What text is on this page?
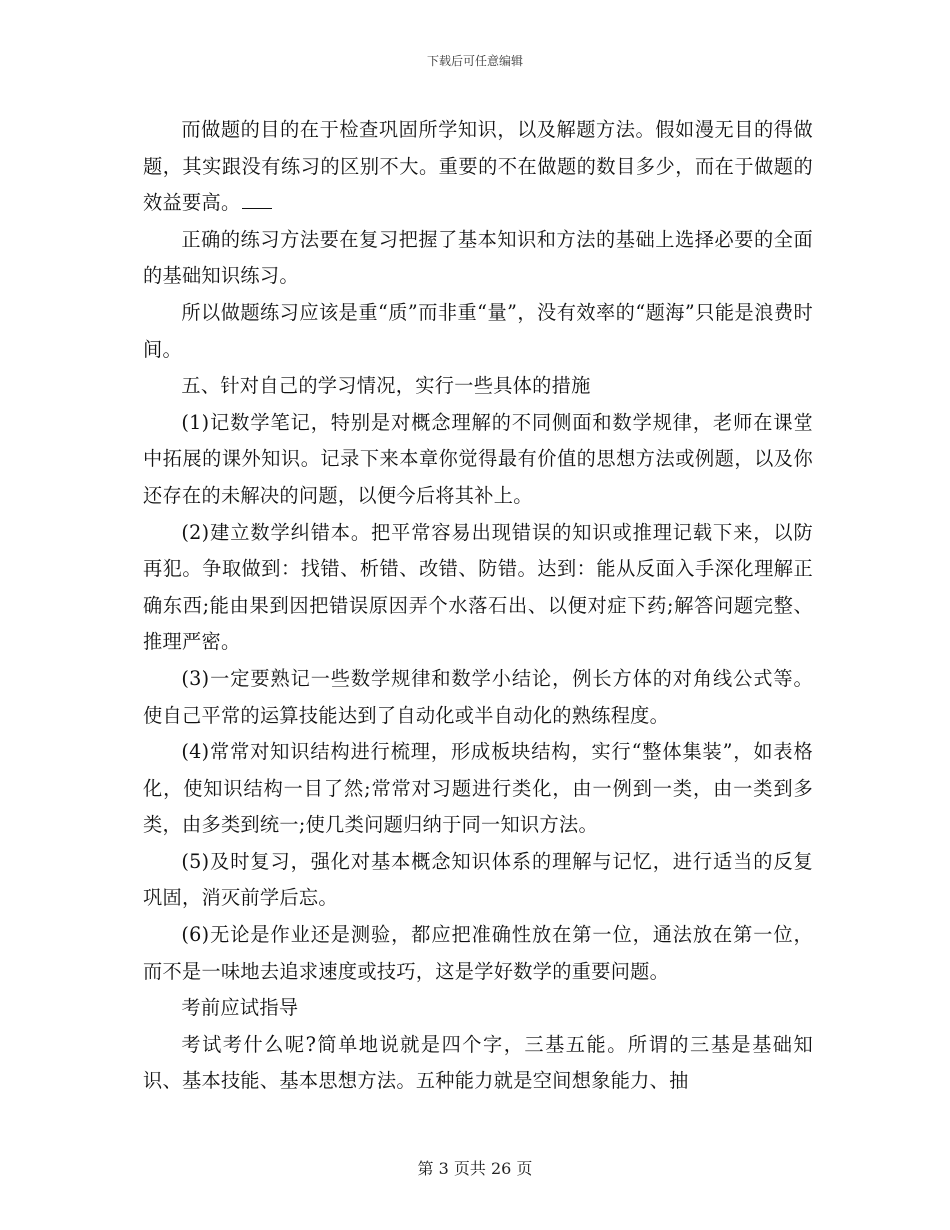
下载后可任意编辑

而做题的目的在于检查巩固所学知识，以及解题方法。假如漫无目的得做题，其实跟没有练习的区别不大。重要的不在做题的数目多少，而在于做题的效益要高。

正确的练习方法要在复习把握了基本知识和方法的基础上选择必要的全面的基础知识练习。

所以做题练习应该是重“质”而非重“量”，没有效率的“题海”只能是浪费时间。

五、针对自己的学习情况，实行一些具体的措施

(1)记数学笔记，特别是对概念理解的不同侧面和数学规律，老师在课堂中拓展的课外知识。记录下来本章你觉得最有价值的思想方法或例题，以及你还存在的未解决的问题，以便今后将其补上。

(2)建立数学纠错本。把平常容易出现错误的知识或推理记载下来，以防再犯。争取做到：找错、析错、改错、防错。达到：能从反面入手深化理解正确东西;能由果到因把错误原因弄个水落石出、以便对症下药;解答问题完整、推理严密。

(3)一定要熟记一些数学规律和数学小结论，例长方体的对角线公式等。使自己平常的运算技能达到了自动化或半自动化的熟练程度。

(4)常常对知识结构进行梳理，形成板块结构，实行“整体集装”，如表格化，使知识结构一目了然;常常对习题进行类化，由一例到一类，由一类到多类，由多类到统一;使几类问题归纳于同一知识方法。

(5)及时复习，强化对基本概念知识体系的理解与记忆，进行适当的反复巩固，消灭前学后忘。

(6)无论是作业还是测验，都应把准确性放在第一位，通法放在第一位，而不是一味地去追求速度或技巧，这是学好数学的重要问题。

考前应试指导

考试考什么呢?简单地说就是四个字，三基五能。所谓的三基是基础知识、基本技能、基本思想方法。五种能力就是空间想象能力、抽

第 3 页共 26 页
